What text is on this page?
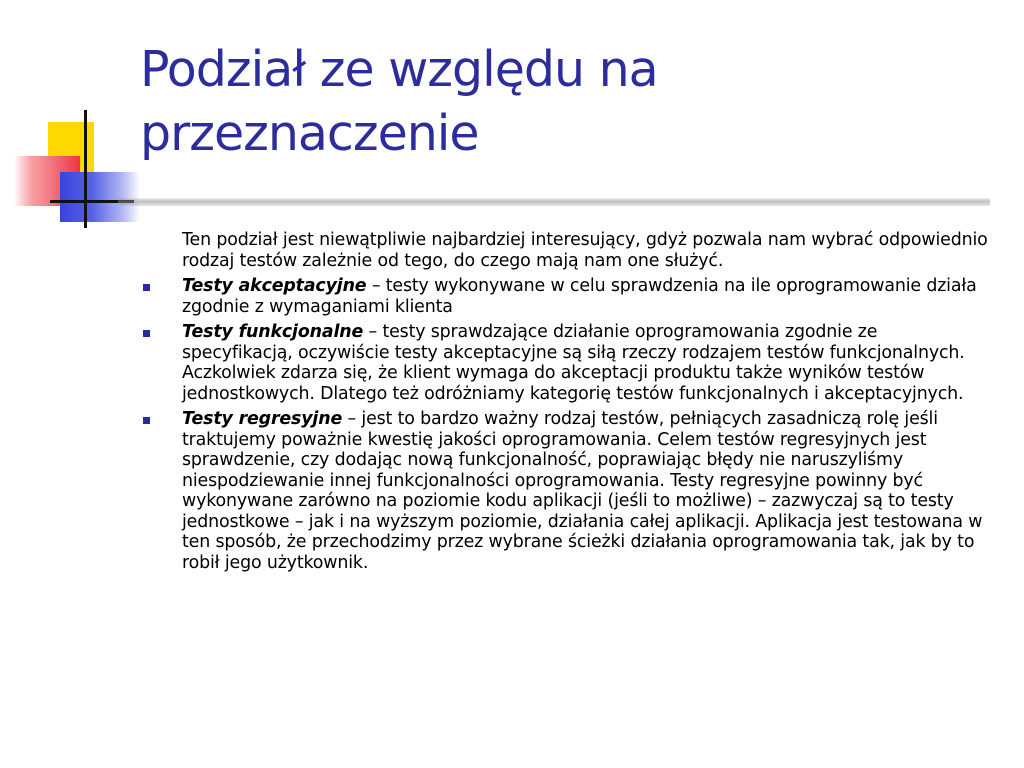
Podział ze względu na przeznaczenie

Ten podział jest niewątpliwie najbardziej interesujący, gdyż pozwala nam wybrać odpowiednio rodzaj testów zależnie od tego, do czego mają nam one służyć.

Testy akceptacyjne – testy wykonywane w celu sprawdzenia na ile oprogramowanie działa zgodnie z wymaganiami klienta
Testy funkcjonalne – testy sprawdzające działanie oprogramowania zgodnie ze specyfikacją, oczywiście testy akceptacyjne są siłą rzeczy rodzajem testów funkcjonalnych. Aczkolwiek zdarza się, że klient wymaga do akceptacji produktu także wyników testów jednostkowych. Dlatego też odróżniamy kategorię testów funkcjonalnych i akceptacyjnych.
Testy regresyjne – jest to bardzo ważny rodzaj testów, pełniących zasadniczą rolę jeśli traktujemy poważnie kwestię jakości oprogramowania. Celem testów regresyjnych jest sprawdzenie, czy dodając nową funkcjonalność, poprawiając błędy nie naruszyliśmy niespodziewanie innej funkcjonalności oprogramowania. Testy regresyjne powinny być wykonywane zarówno na poziomie kodu aplikacji (jeśli to możliwe) – zazwyczaj są to testy jednostkowe – jak i na wyższym poziomie, działania całej aplikacji. Aplikacja jest testowana w ten sposób, że przechodzimy przez wybrane ścieżki działania oprogramowania tak, jak by to robił jego użytkownik.
